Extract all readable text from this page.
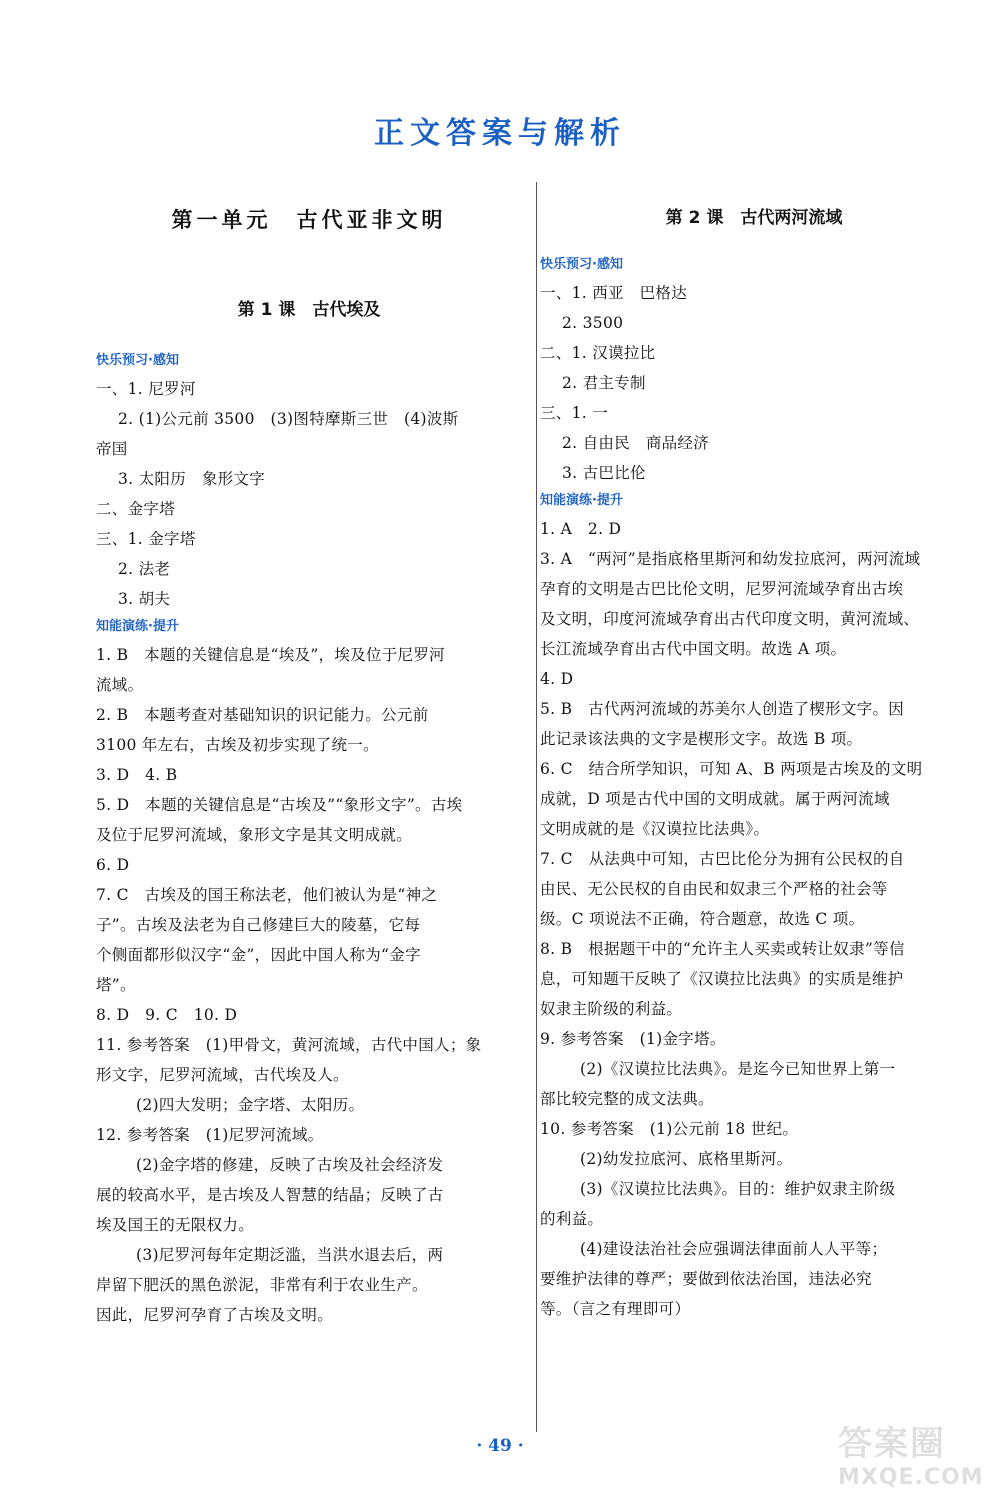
正文答案与解析
第一单元　古代亚非文明
第 1 课　古代埃及
快乐预习·感知
一、1. 尼罗河
2. (1)公元前 3500　(3)图特摩斯三世　(4)波斯
帝国
3. 太阳历　象形文字
二、金字塔
三、1. 金字塔
2. 法老
3. 胡夫
知能演练·提升
1. B　本题的关键信息是“埃及”，埃及位于尼罗河
流域。
2. B　本题考查对基础知识的识记能力。公元前
3100 年左右，古埃及初步实现了统一。
3. D　4. B
5. D　本题的关键信息是“古埃及”“象形文字”。古埃
及位于尼罗河流域，象形文字是其文明成就。
6. D
7. C　古埃及的国王称法老，他们被认为是“神之
子”。古埃及法老为自己修建巨大的陵墓，它每
个侧面都形似汉字“金”，因此中国人称为“金字
塔”。
8. D　9. C　10. D
11. 参考答案　(1)甲骨文，黄河流域，古代中国人；象
形文字，尼罗河流域，古代埃及人。
(2)四大发明；金字塔、太阳历。
12. 参考答案　(1)尼罗河流域。
(2)金字塔的修建，反映了古埃及社会经济发
展的较高水平，是古埃及人智慧的结晶；反映了古
埃及国王的无限权力。
(3)尼罗河每年定期泛滥，当洪水退去后，两
岸留下肥沃的黑色淤泥，非常有利于农业生产。
因此，尼罗河孕育了古埃及文明。
第 2 课　古代两河流域
快乐预习·感知
一、1. 西亚　巴格达
2. 3500
二、1. 汉谟拉比
2. 君主专制
三、1. 一
2. 自由民　商品经济
3. 古巴比伦
知能演练·提升
1. A　2. D
3. A　“两河”是指底格里斯河和幼发拉底河，两河流域
孕育的文明是古巴比伦文明，尼罗河流域孕育出古埃
及文明，印度河流域孕育出古代印度文明，黄河流域、
长江流域孕育出古代中国文明。故选 A 项。
4. D
5. B　古代两河流域的苏美尔人创造了楔形文字。因
此记录该法典的文字是楔形文字。故选 B 项。
6. C　结合所学知识，可知 A、B 两项是古埃及的文明
成就，D 项是古代中国的文明成就。属于两河流域
文明成就的是《汉谟拉比法典》。
7. C　从法典中可知，古巴比伦分为拥有公民权的自
由民、无公民权的自由民和奴隶三个严格的社会等
级。C 项说法不正确，符合题意，故选 C 项。
8. B　根据题干中的“允许主人买卖或转让奴隶”等信
息，可知题干反映了《汉谟拉比法典》的实质是维护
奴隶主阶级的利益。
9. 参考答案　(1)金字塔。
(2)《汉谟拉比法典》。是迄今已知世界上第一
部比较完整的成文法典。
10. 参考答案　(1)公元前 18 世纪。
(2)幼发拉底河、底格里斯河。
(3)《汉谟拉比法典》。目的：维护奴隶主阶级
的利益。
(4)建设法治社会应强调法律面前人人平等；
要维护法律的尊严；要做到依法治国，违法必究
等。（言之有理即可）
· 49 ·	答案圈
MXQE.COM
